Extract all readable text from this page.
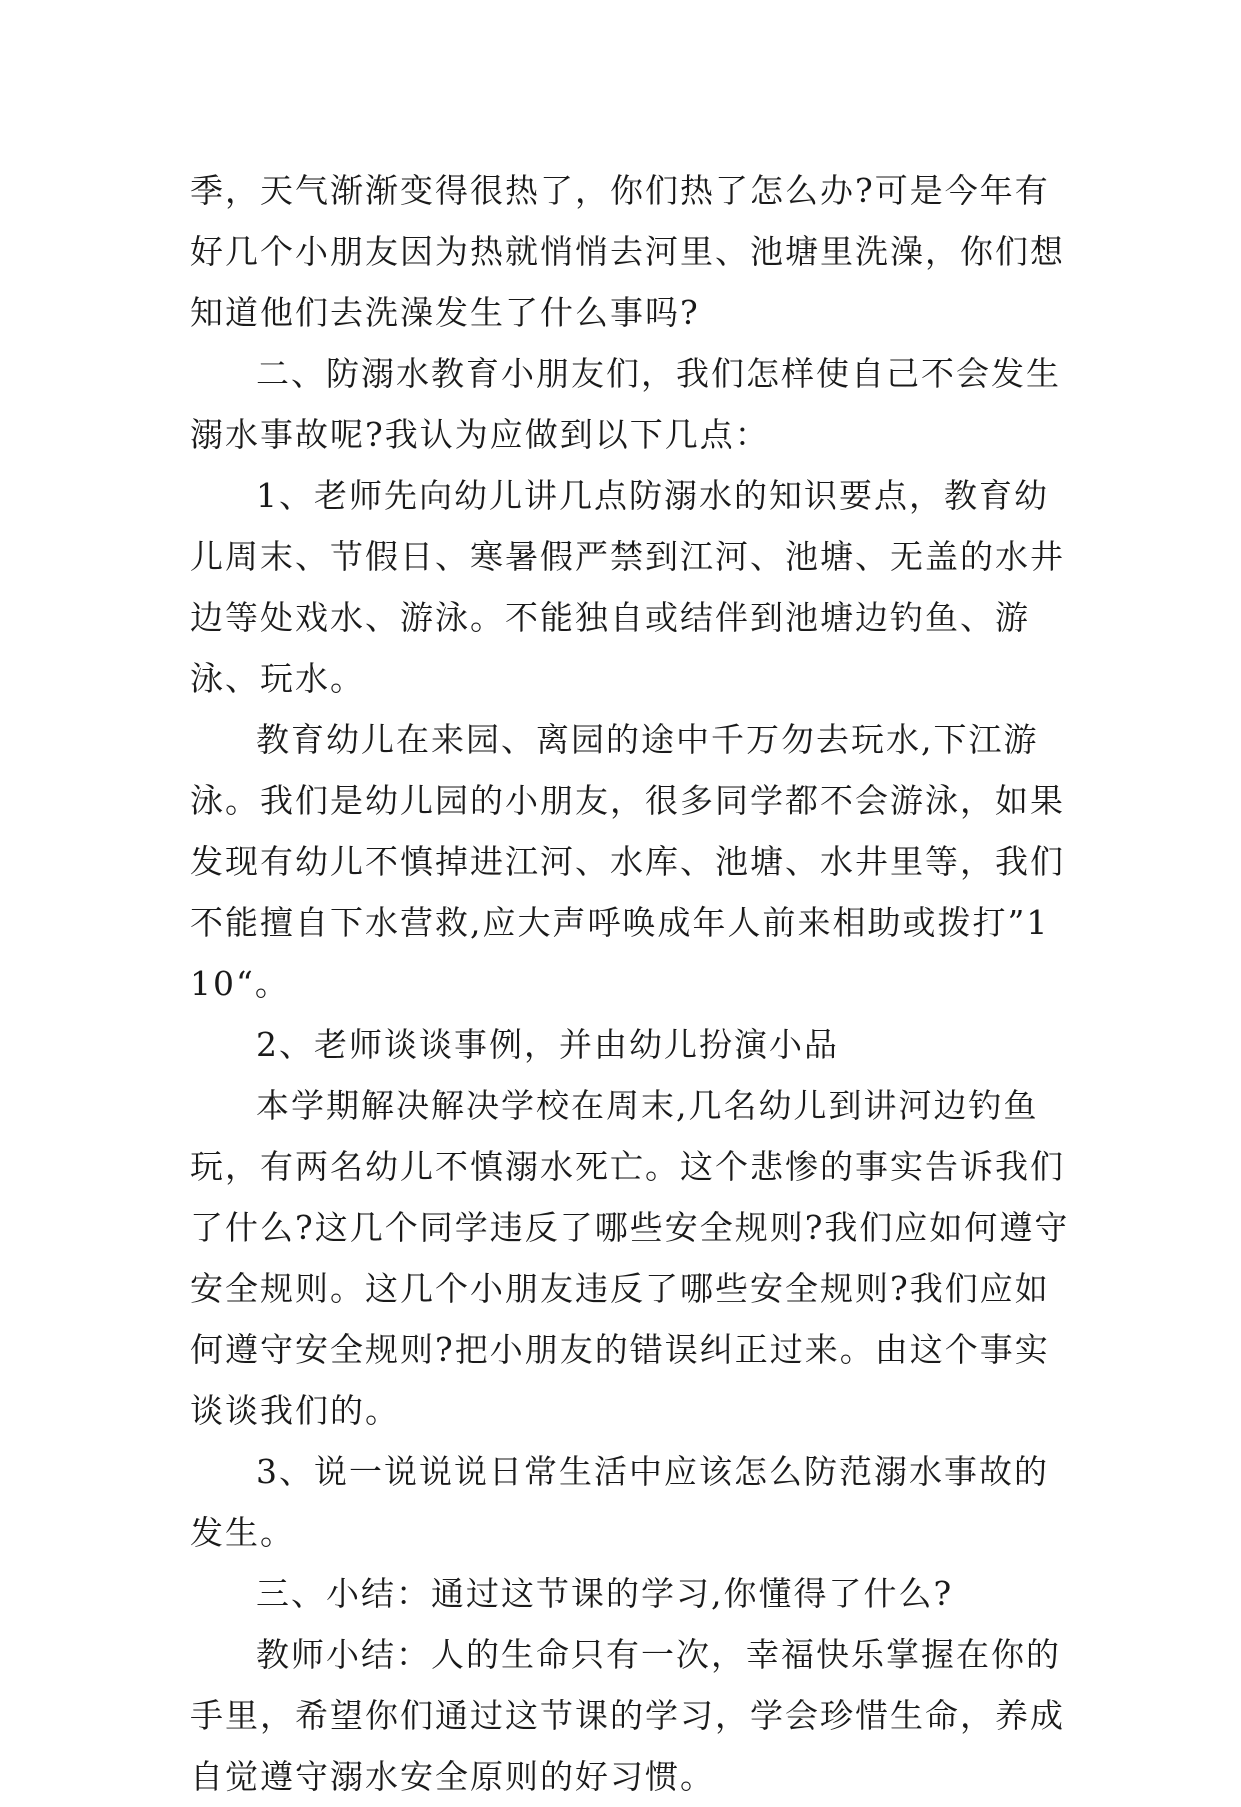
季，天气渐渐变得很热了，你们热了怎么办?可是今年有好几个小朋友因为热就悄悄去河里、池塘里洗澡，你们想知道他们去洗澡发生了什么事吗?

二、防溺水教育小朋友们，我们怎样使自己不会发生溺水事故呢?我认为应做到以下几点：

1、老师先向幼儿讲几点防溺水的知识要点，教育幼儿周末、节假日、寒暑假严禁到江河、池塘、无盖的水井边等处戏水、游泳。不能独自或结伴到池塘边钓鱼、游泳、玩水。

教育幼儿在来园、离园的途中千万勿去玩水,下江游泳。我们是幼儿园的小朋友，很多同学都不会游泳，如果发现有幼儿不慎掉进江河、水库、池塘、水井里等，我们不能擅自下水营救,应大声呼唤成年人前来相助或拨打”110“。

2、老师谈谈事例，并由幼儿扮演小品

本学期解决解决学校在周末,几名幼儿到讲河边钓鱼玩，有两名幼儿不慎溺水死亡。这个悲惨的事实告诉我们了什么?这几个同学违反了哪些安全规则?我们应如何遵守安全规则。这几个小朋友违反了哪些安全规则?我们应如何遵守安全规则?把小朋友的错误纠正过来。由这个事实谈谈我们的。

3、说一说说说日常生活中应该怎么防范溺水事故的发生。

三、小结：通过这节课的学习,你懂得了什么?

教师小结：人的生命只有一次，幸福快乐掌握在你的手里，希望你们通过这节课的学习，学会珍惜生命，养成自觉遵守溺水安全原则的好习惯。
